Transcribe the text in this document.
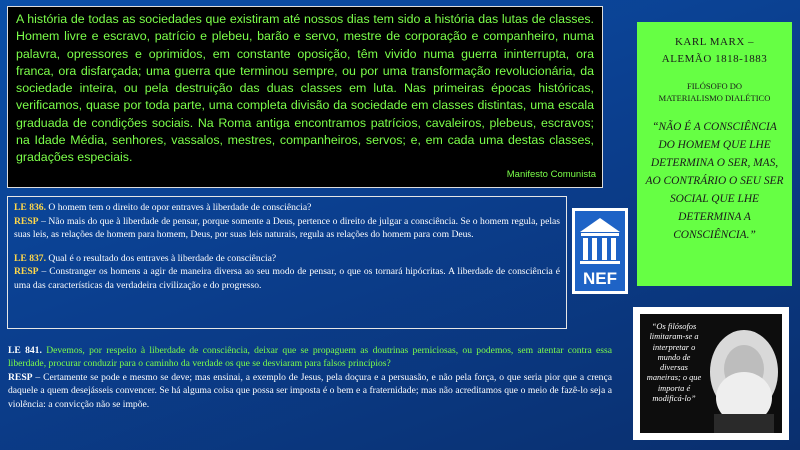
A história de todas as sociedades que existiram até nossos dias tem sido a história das lutas de classes. Homem livre e escravo, patrício e plebeu, barão e servo, mestre de corporação e companheiro, numa palavra, opressores e oprimidos, em constante oposição, têm vivido numa guerra ininterrupta, ora franca, ora disfarçada; uma guerra que terminou sempre, ou por uma transformação revolucionária, da sociedade inteira, ou pela destruição das duas classes em luta. Nas primeiras épocas históricas, verificamos, quase por toda parte, uma completa divisão da sociedade em classes distintas, uma escala graduada de condições sociais. Na Roma antiga encontramos patrícios, cavaleiros, plebeus, escravos; na Idade Média, senhores, vassalos, mestres, companheiros, servos; e, em cada uma destas classes, gradações especiais.
Manifesto Comunista
KARL MARX –
ALEMÃO 1818-1883
FILÓSOFO DO
MATERIALISMO DIALÉTICO
“NÃO É A CONSCIÊNCIA DO HOMEM QUE LHE DETERMINA O SER, MAS, AO CONTRÁRIO O SEU SER SOCIAL QUE LHE DETERMINA A CONSCIÊNCIA.”
LE 836. O homem tem o direito de opor entraves à liberdade de consciência?
RESP – Não mais do que à liberdade de pensar, porque somente a Deus, pertence o direito de julgar a consciência. Se o homem regula, pelas suas leis, as relações de homem para homem, Deus, por suas leis naturais, regula as relações do homem para com Deus.
LE 837. Qual é o resultado dos entraves à liberdade de consciência?
RESP – Constranger os homens a agir de maneira diversa ao seu modo de pensar, o que os tornará hipócritas. A liberdade de consciência é uma das características da verdadeira civilização e do progresso.	NEF
“Os filósofos limitaram-se a interpretar o mundo de diversas maneiras; o que importa é modificá-lo”
LE 841. Devemos, por respeito à liberdade de consciência, deixar que se propaguem as doutrinas perniciosas, ou podemos, sem atentar contra essa liberdade, procurar conduzir para o caminho da verdade os que se desviaram para falsos princípios?
RESP – Certamente se pode e mesmo se deve; mas ensinai, a exemplo de Jesus, pela doçura e a persuasão, e não pela força, o que seria pior que a crença daquele a quem desejásseis convencer. Se há alguma coisa que possa ser imposta é o bem e a fraternidade; mas não acreditamos que o meio de fazê-lo seja a violência: a convicção não se impõe.
